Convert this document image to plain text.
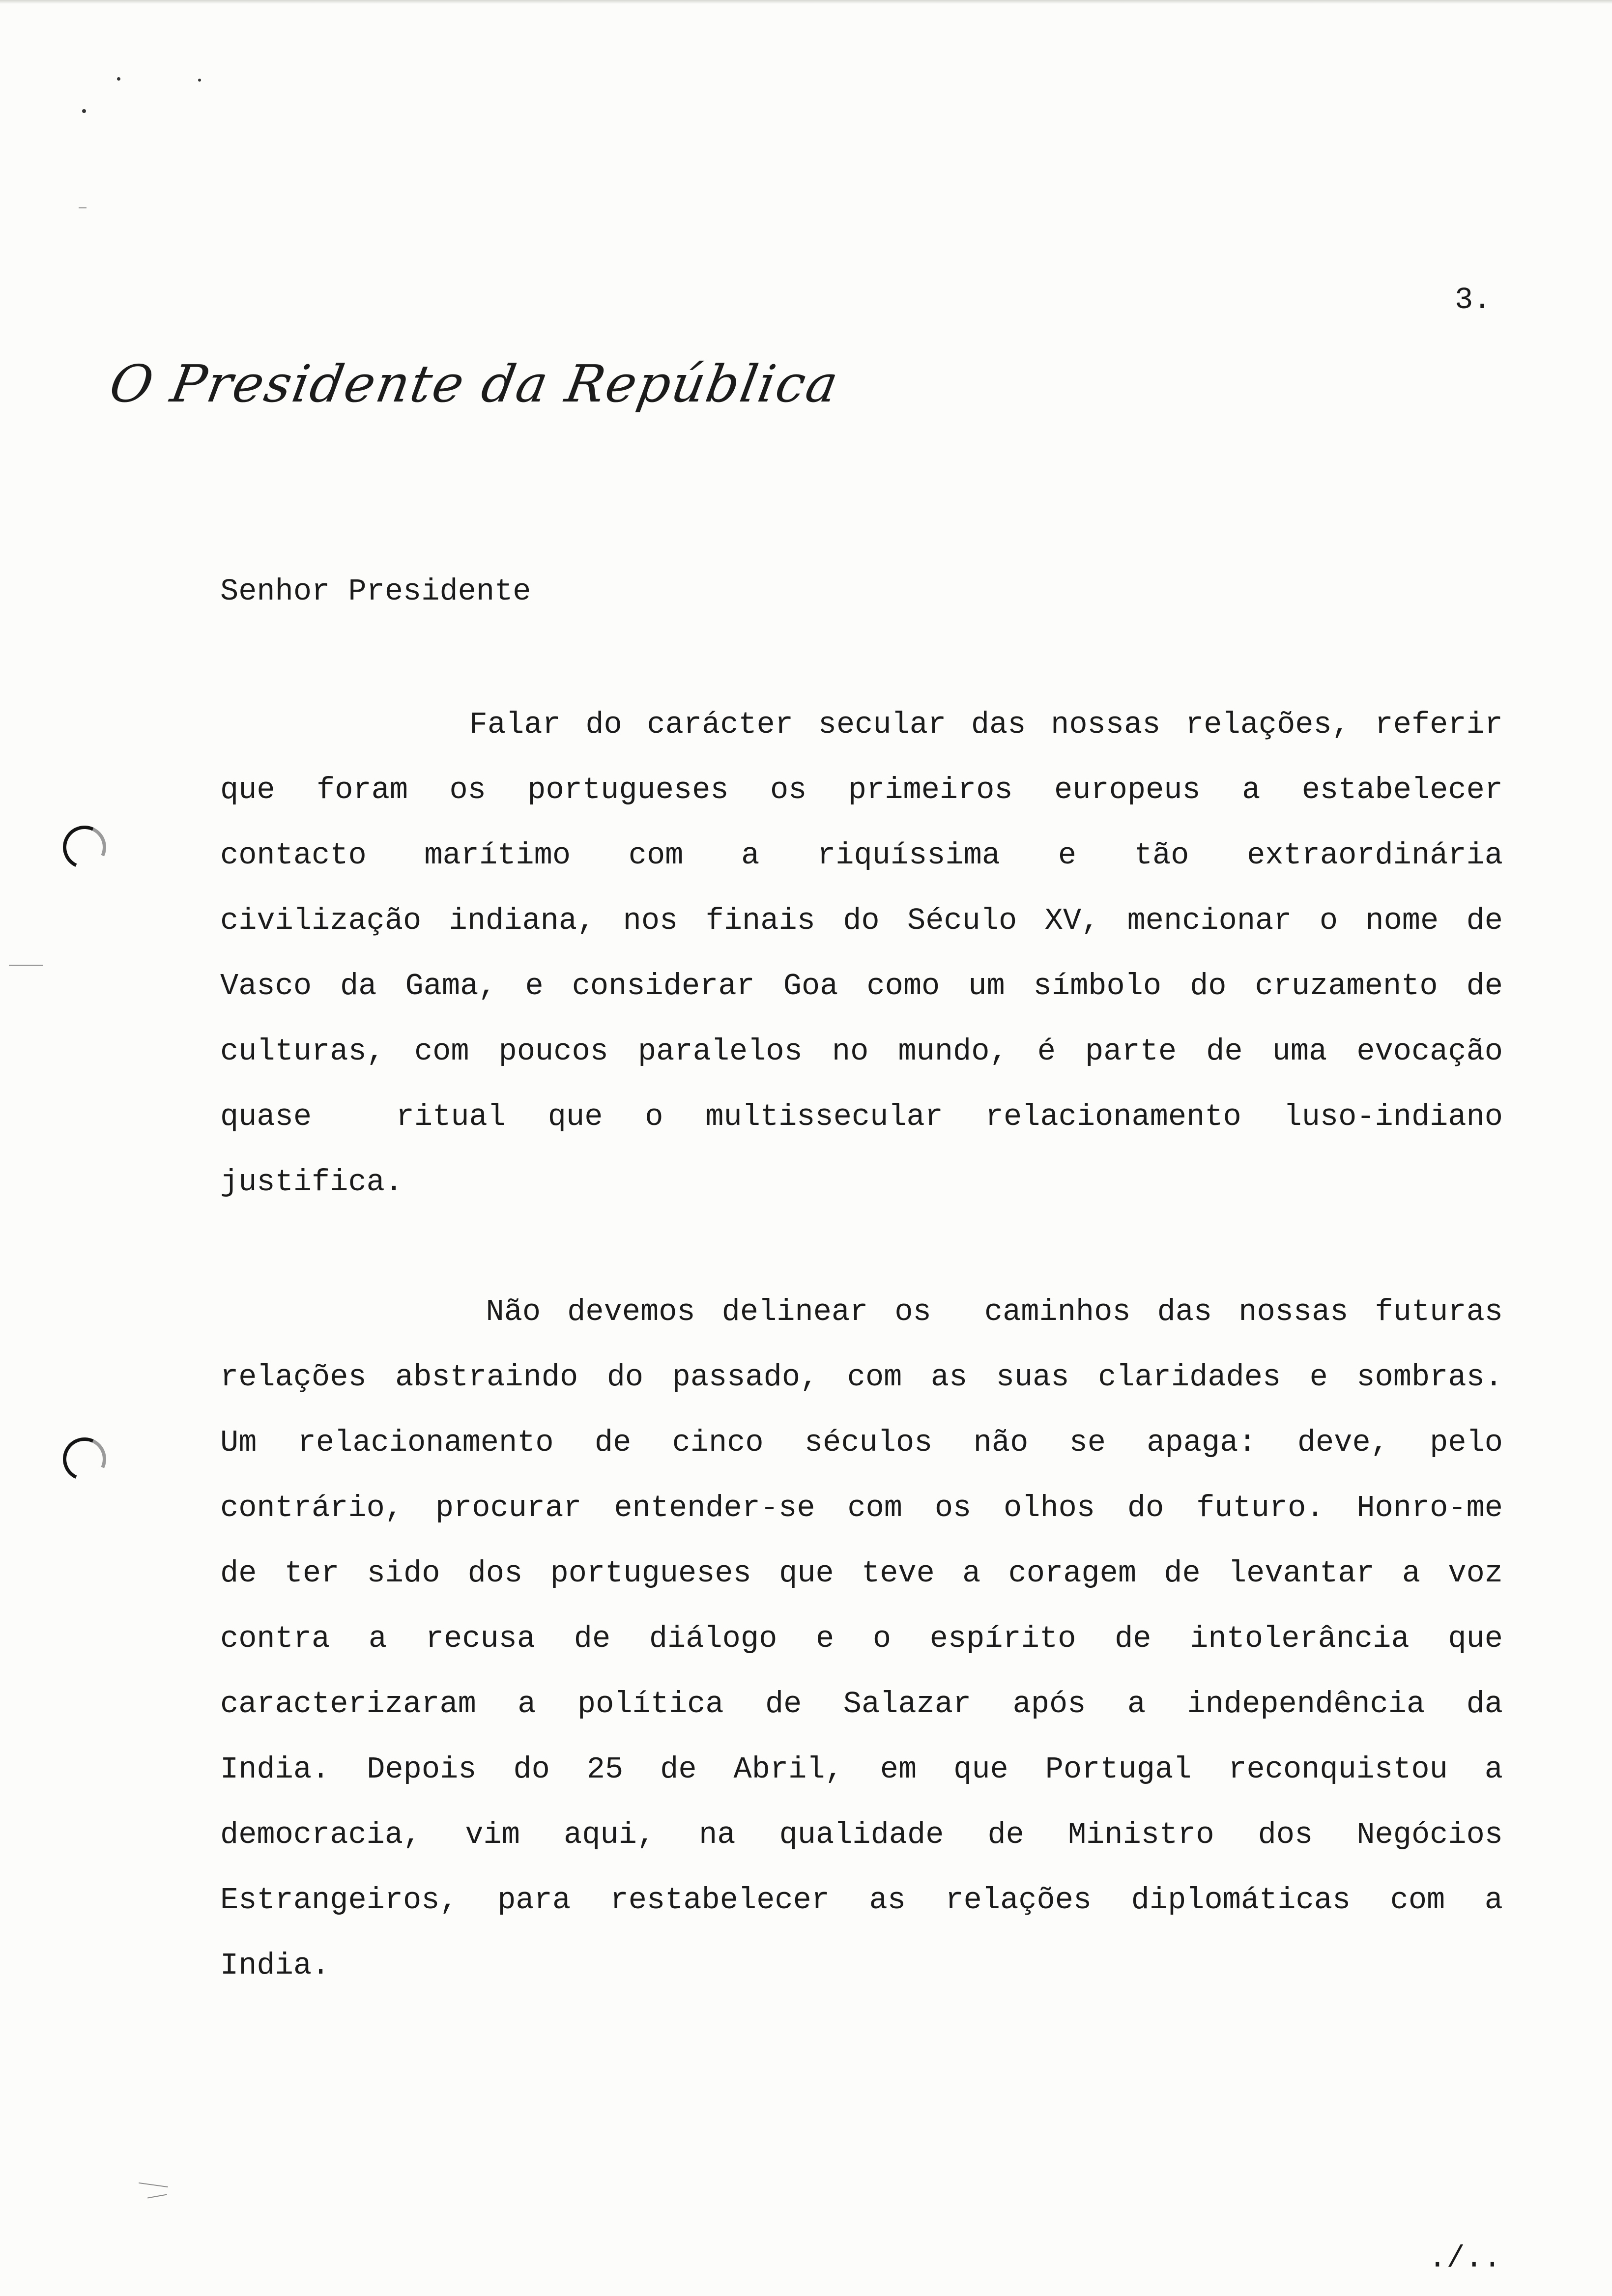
3.
O Presidente da República
Senhor Presidente
Falar do carácter secular das nossas relações, referir
que foram os portugueses os primeiros europeus a estabelecer
contacto marítimo com a riquíssima e tão extraordinária
civilização indiana, nos finais do Século XV, mencionar o nome de
Vasco da Gama, e considerar Goa como um símbolo do cruzamento de
culturas, com poucos paralelos no mundo, é parte de uma evocação
quase  ritual que o multissecular relacionamento luso-indiano
justifica.
Não devemos delinear os  caminhos das nossas futuras
relações abstraindo do passado, com as suas claridades e sombras.
Um relacionamento de cinco séculos não se apaga: deve, pelo
contrário, procurar entender-se com os olhos do futuro. Honro-me
de ter sido dos portugueses que teve a coragem de levantar a voz
contra a recusa de diálogo e o espírito de intolerância que
caracterizaram a política de Salazar após a independência da
India. Depois do 25 de Abril, em que Portugal reconquistou a
democracia, vim aqui, na qualidade de Ministro dos Negócios
Estrangeiros, para restabelecer as relações diplomáticas com a
India.
./..
